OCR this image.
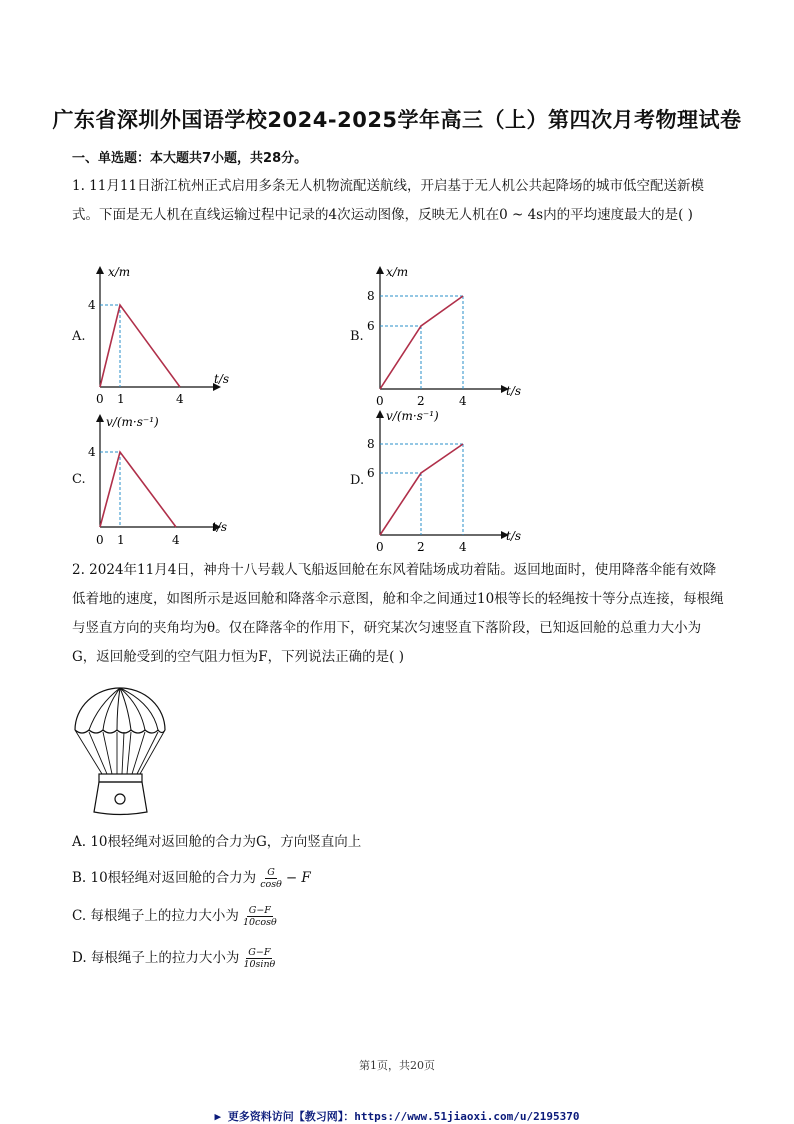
广东省深圳外国语学校2024-2025学年高三（上）第四次月考物理试卷
一、单选题：本大题共7小题，共28分。
1. 11月11日浙江杭州正式启用多条无人机物流配送航线，开启基于无人机公共起降场的城市低空配送新模式。下面是无人机在直线运输过程中记录的4次运动图像，反映无人机在0 ~ 4s内的平均速度最大的是( )
A.
x/m
t/s
0 1	4
4
B.
x/m
t/s
0	2	4
6
8
C.
v/(m·s⁻¹)
t/s
0 1	4
4
D.
v/(m·s⁻¹)
t/s
0	2	4
6
8
2. 2024年11月4日，神舟十八号载人飞船返回舱在东风着陆场成功着陆。返回地面时，使用降落伞能有效降低着地的速度，如图所示是返回舱和降落伞示意图，舱和伞之间通过10根等长的轻绳按十等分点连接，每根绳与竖直方向的夹角均为θ。仅在降落伞的作用下，研究某次匀速竖直下落阶段，已知返回舱的总重力大小为G，返回舱受到的空气阻力恒为F，下列说法正确的是( )
A. 10根轻绳对返回舱的合力为G，方向竖直向上
B. 10根轻绳对返回舱的合力为 $\frac{G}{\cos\theta} - F$
C. 每根绳子上的拉力大小为 $\frac{G-F}{10\cos\theta}$
D. 每根绳子上的拉力大小为 $\frac{G-F}{10\sin\theta}$
第1页，共20页
▶ 更多资料访问【教习网】：https://www.51jiaoxi.com/u/2195370
